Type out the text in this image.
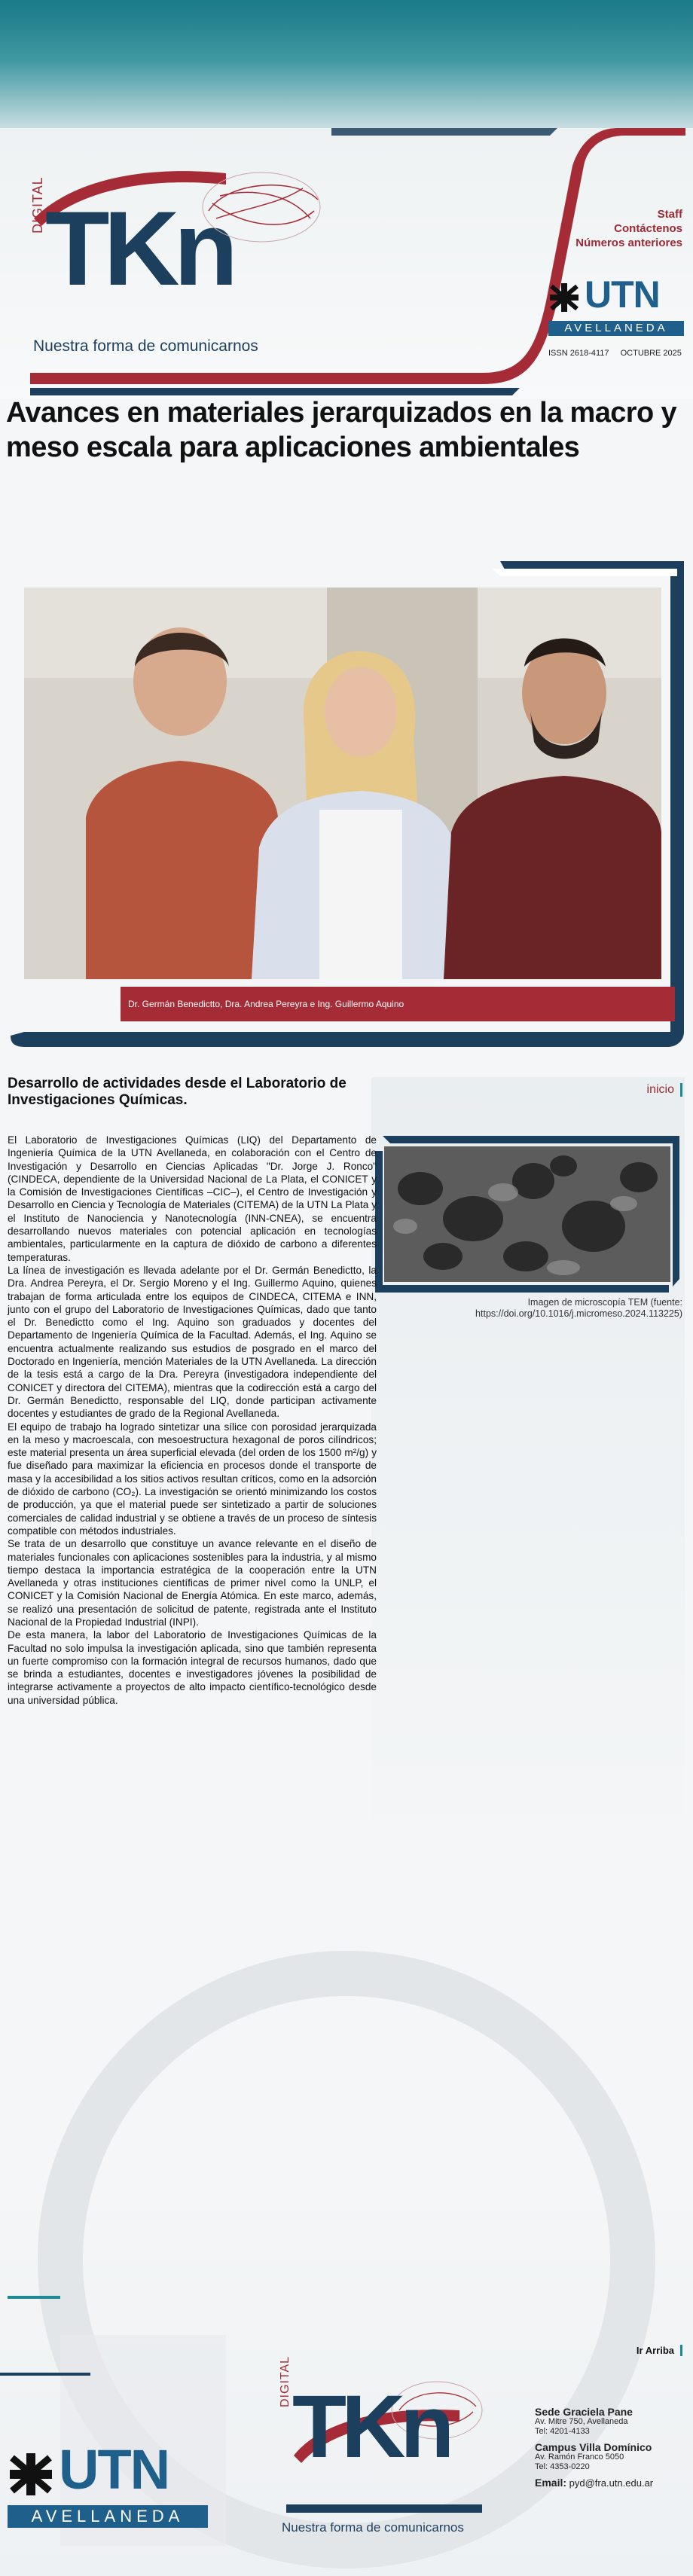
DIGITAL TKn
Nuestra forma de comunicarnos
Staff
Contáctenos
Números anteriores
UTN
AVELLANEDA
ISSN 2618-4117 OCTUBRE 2025
Avances en materiales jerarquizados en la macro y meso escala para aplicaciones ambientales
Dr. Germán Benedictto, Dra. Andrea Pereyra e Ing. Guillermo Aquino
inicio
Imagen de microscopía TEM (fuente:
https://doi.org/10.1016/j.micromeso.2024.113225)
Desarrollo de actividades desde el Laboratorio de Investigaciones Químicas.

El Laboratorio de Investigaciones Químicas (LIQ) del Departamento de Ingeniería Química de la UTN Avellaneda, en colaboración con el Centro de Investigación y Desarrollo en Ciencias Aplicadas "Dr. Jorge J. Ronco" (CINDECA, dependiente de la Universidad Nacional de La Plata, el CONICET y la Comisión de Investigaciones Científicas –CIC–), el Centro de Investigación y Desarrollo en Ciencia y Tecnología de Materiales (CITEMA) de la UTN La Plata y el Instituto de Nanociencia y Nanotecnología (INN-CNEA), se encuentra desarrollando nuevos materiales con potencial aplicación en tecnologías ambientales, particularmente en la captura de dióxido de carbono a diferentes temperaturas.

La línea de investigación es llevada adelante por el Dr. Germán Benedictto, la Dra. Andrea Pereyra, el Dr. Sergio Moreno y el Ing. Guillermo Aquino, quienes trabajan de forma articulada entre los equipos de CINDECA, CITEMA e INN, junto con el grupo del Laboratorio de Investigaciones Químicas, dado que tanto el Dr. Benedictto como el Ing. Aquino son graduados y docentes del Departamento de Ingeniería Química de la Facultad. Además, el Ing. Aquino se encuentra actualmente realizando sus estudios de posgrado en el marco del Doctorado en Ingeniería, mención Materiales de la UTN Avellaneda. La dirección de la tesis está a cargo de la Dra. Pereyra (investigadora independiente del CONICET y directora del CITEMA), mientras que la codirección está a cargo del Dr. Germán Benedictto, responsable del LIQ, donde participan activamente docentes y estudiantes de grado de la Regional Avellaneda.

El equipo de trabajo ha logrado sintetizar una sílice con porosidad jerarquizada en la meso y macroescala, con mesoestructura hexagonal de poros cilíndricos; este material presenta un área superficial elevada (del orden de los 1500 m²/g) y fue diseñado para maximizar la eficiencia en procesos donde el transporte de masa y la accesibilidad a los sitios activos resultan críticos, como en la adsorción de dióxido de carbono (CO₂). La investigación se orientó minimizando los costos de producción, ya que el material puede ser sintetizado a partir de soluciones comerciales de calidad industrial y se obtiene a través de un proceso de síntesis compatible con métodos industriales.

Se trata de un desarrollo que constituye un avance relevante en el diseño de materiales funcionales con aplicaciones sostenibles para la industria, y al mismo tiempo destaca la importancia estratégica de la cooperación entre la UTN Avellaneda y otras instituciones científicas de primer nivel como la UNLP, el CONICET y la Comisión Nacional de Energía Atómica. En este marco, además, se realizó una presentación de solicitud de patente, registrada ante el Instituto Nacional de la Propiedad Industrial (INPI).

De esta manera, la labor del Laboratorio de Investigaciones Químicas de la Facultad no solo impulsa la investigación aplicada, sino que también representa un fuerte compromiso con la formación integral de recursos humanos, dado que se brinda a estudiantes, docentes e investigadores jóvenes la posibilidad de integrarse activamente a proyectos de alto impacto científico-tecnológico desde una universidad pública.

Ir Arriba
UTN
AVELLANEDA
DIGITAL TKn
Nuestra forma de comunicarnos
Sede Graciela Pane
Av. Mitre 750, Avellaneda
Tel: 4201-4133
Campus Villa Domínico
Av. Ramón Franco 5050
Tel: 4353-0220
Email: pyd@fra.utn.edu.ar
